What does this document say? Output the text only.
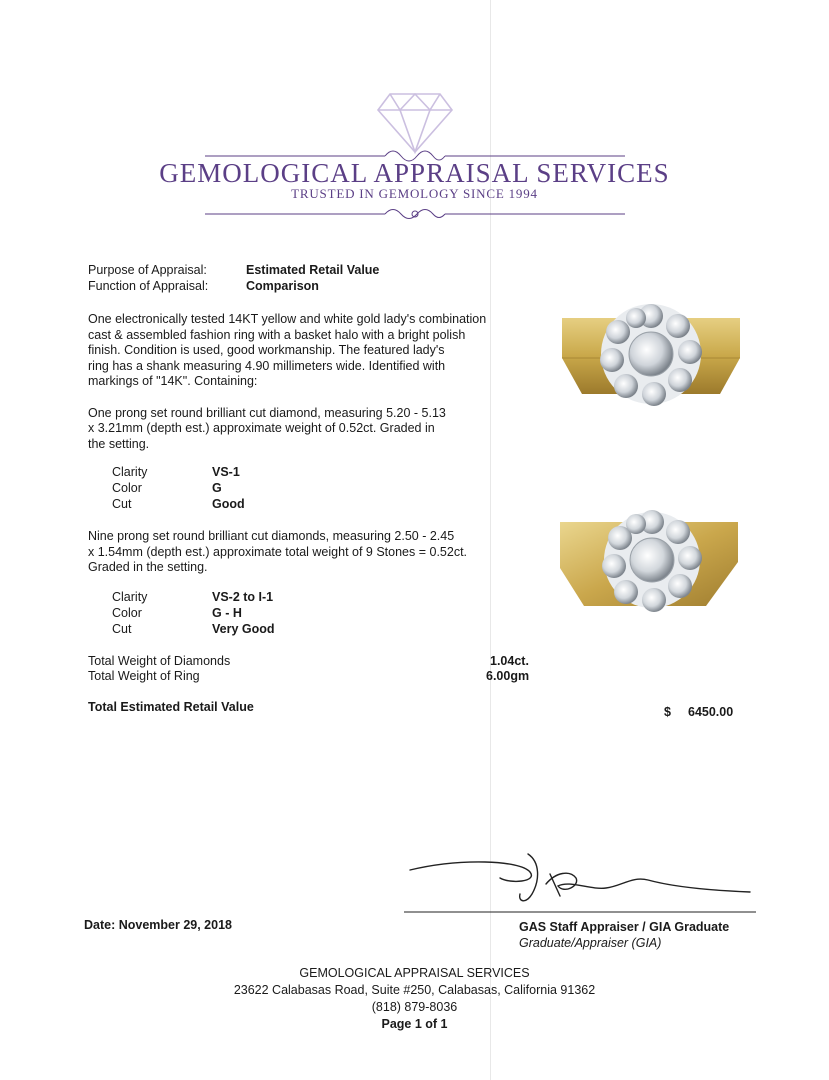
GEMOLOGICAL APPRAISAL SERVICES
TRUSTED IN GEMOLOGY SINCE 1994
Purpose of Appraisal:	Estimated Retail Value
Function of Appraisal:	Comparison
One electronically tested 14KT yellow and white gold lady's combination
cast & assembled fashion ring with a basket halo with a bright polish
finish. Condition is used, good workmanship. The featured lady's
ring has a shank measuring 4.90 millimeters wide. Identified with
markings of "14K". Containing:
One prong set round brilliant cut diamond, measuring 5.20 - 5.13
x 3.21mm (depth est.) approximate weight of 0.52ct. Graded in
the setting.
Clarity	VS-1
Color	G
Cut	Good
Nine prong set round brilliant cut diamonds, measuring 2.50 - 2.45
x 1.54mm (depth est.) approximate total weight of 9 Stones = 0.52ct.
Graded in the setting.
Clarity	VS-2 to I-1
Color	G - H
Cut	Very Good
Total Weight of Diamonds	1.04ct.
Total Weight of Ring	6.00gm
Total Estimated Retail Value	$ 6450.00
Date: November 29, 2018	GAS Staff Appraiser / GIA Graduate
Graduate/Appraiser (GIA)
GEMOLOGICAL APPRAISAL SERVICES
23622 Calabasas Road, Suite #250, Calabasas, California 91362
(818) 879-8036
Page 1 of 1
